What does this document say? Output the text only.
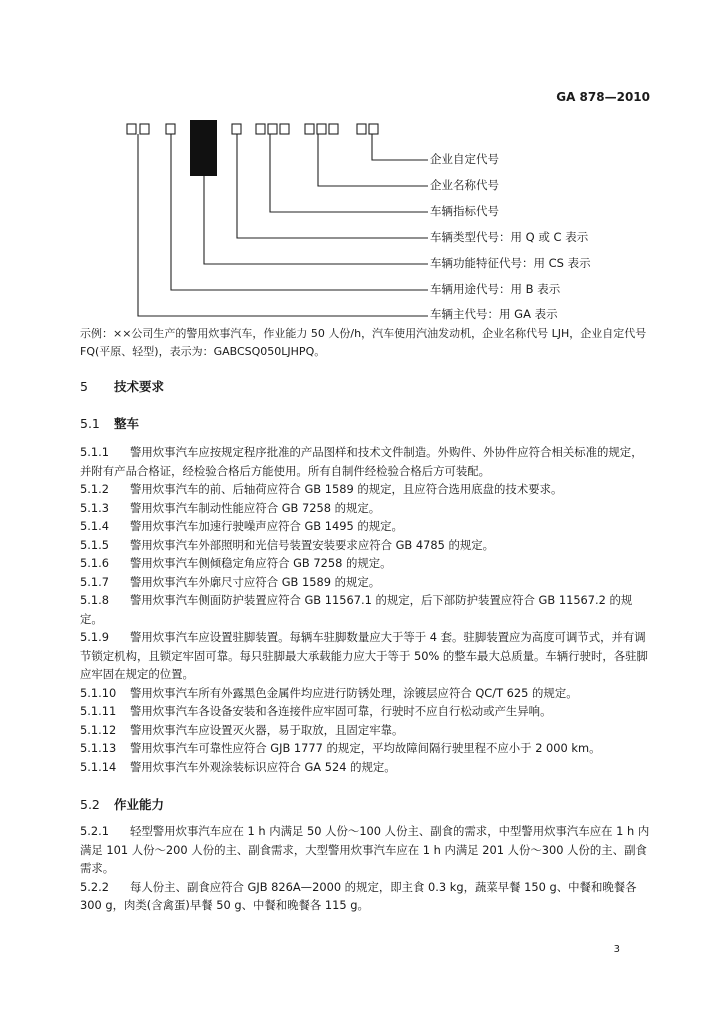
GA 878—2010
企业自定代号
企业名称代号
车辆指标代号
车辆类型代号：用 Q 或 C 表示
车辆功能特征代号：用 CS 表示
车辆用途代号：用 B 表示
车辆主代号：用 GA 表示
示例：××公司生产的警用炊事汽车，作业能力 50 人份/h，汽车使用汽油发动机，企业名称代号 LJH，企业自定代号 FQ(平原、轻型)，表示为：GABCSQ050LJHPQ。
5 技术要求
5.1 整车

5.1.1 警用炊事汽车应按规定程序批准的产品图样和技术文件制造。外购件、外协件应符合相关标准的规定，并附有产品合格证，经检验合格后方能使用。所有自制件经检验合格后方可装配。

5.1.2 警用炊事汽车的前、后轴荷应符合 GB 1589 的规定，且应符合选用底盘的技术要求。

5.1.3 警用炊事汽车制动性能应符合 GB 7258 的规定。

5.1.4 警用炊事汽车加速行驶噪声应符合 GB 1495 的规定。

5.1.5 警用炊事汽车外部照明和光信号装置安装要求应符合 GB 4785 的规定。

5.1.6 警用炊事汽车侧倾稳定角应符合 GB 7258 的规定。

5.1.7 警用炊事汽车外廓尺寸应符合 GB 1589 的规定。

5.1.8 警用炊事汽车侧面防护装置应符合 GB 11567.1 的规定，后下部防护装置应符合 GB 11567.2 的规定。

5.1.9 警用炊事汽车应设置驻脚装置。每辆车驻脚数量应大于等于 4 套。驻脚装置应为高度可调节式，并有调节锁定机构，且锁定牢固可靠。每只驻脚最大承载能力应大于等于 50% 的整车最大总质量。车辆行驶时，各驻脚应牢固在规定的位置。

5.1.10 警用炊事汽车所有外露黑色金属件均应进行防锈处理，涂镀层应符合 QC/T 625 的规定。

5.1.11 警用炊事汽车各设备安装和各连接件应牢固可靠，行驶时不应自行松动或产生异响。

5.1.12 警用炊事汽车应设置灭火器，易于取放，且固定牢靠。

5.1.13 警用炊事汽车可靠性应符合 GJB 1777 的规定，平均故障间隔行驶里程不应小于 2 000 km。

5.1.14 警用炊事汽车外观涂装标识应符合 GA 524 的规定。

5.2 作业能力

5.2.1 轻型警用炊事汽车应在 1 h 内满足 50 人份～100 人份主、副食的需求，中型警用炊事汽车应在 1 h 内满足 101 人份～200 人份的主、副食需求，大型警用炊事汽车应在 1 h 内满足 201 人份～300 人份的主、副食需求。

5.2.2 每人份主、副食应符合 GJB 826A—2000 的规定，即主食 0.3 kg，蔬菜早餐 150 g、中餐和晚餐各 300 g，肉类(含禽蛋)早餐 50 g、中餐和晚餐各 115 g。

3
